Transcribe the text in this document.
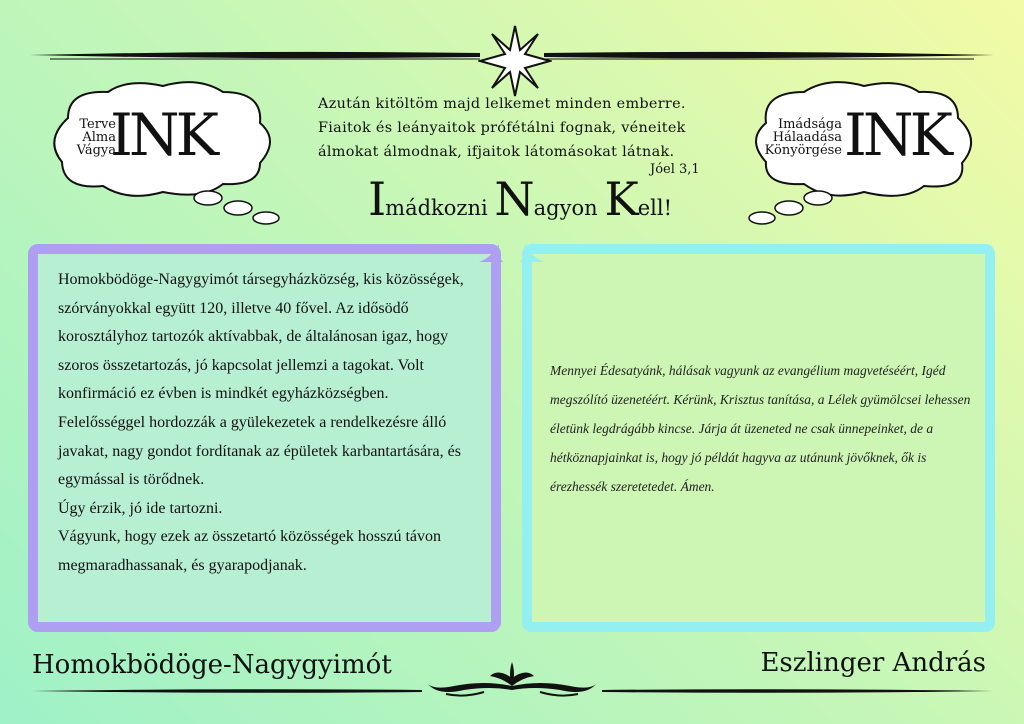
Terve
Alma
Vágya
INK	Imádsága
Hálaadása
Könyörgése INK
Azután kitöltöm majd lelkemet minden emberre.
Fiaitok és leányaitok prófétálni fognak, véneitek
álmokat álmodnak, ifjaitok látomásokat látnak.
Jóel 3,1
Imádkozni Nagyon Kell!
Homokbödöge-Nagygyimót társegyházközség, kis közösségek, szórványokkal együtt 120, illetve 40 fővel. Az idősödő korosztályhoz tartozók aktívabbak, de általánosan igaz, hogy szoros összetartozás, jó kapcsolat jellemzi a tagokat. Volt konfirmáció ez évben is mindkét egyházközségben.
Felelősséggel hordozzák a gyülekezetek a rendelkezésre álló javakat, nagy gondot fordítanak az épületek karbantartására, és egymással is törődnek.
Úgy érzik, jó ide tartozni.
Vágyunk, hogy ezek az összetartó közösségek hosszú távon megmaradhassanak, és gyarapodjanak.
Mennyei Édesatyánk, hálásak vagyunk az evangélium magvetéséért, Igéd megszólító üzenetéért. Kérünk, Krisztus tanítása, a Lélek gyümölcsei lehessen életünk legdrágább kincse. Járja át üzeneted ne csak ünnepeinket, de a hétköznapjainkat is, hogy jó példát hagyva az utánunk jövőknek, ők is érezhessék szeretetedet. Ámen.
Homokbödöge-Nagygyimót	Eszlinger András
